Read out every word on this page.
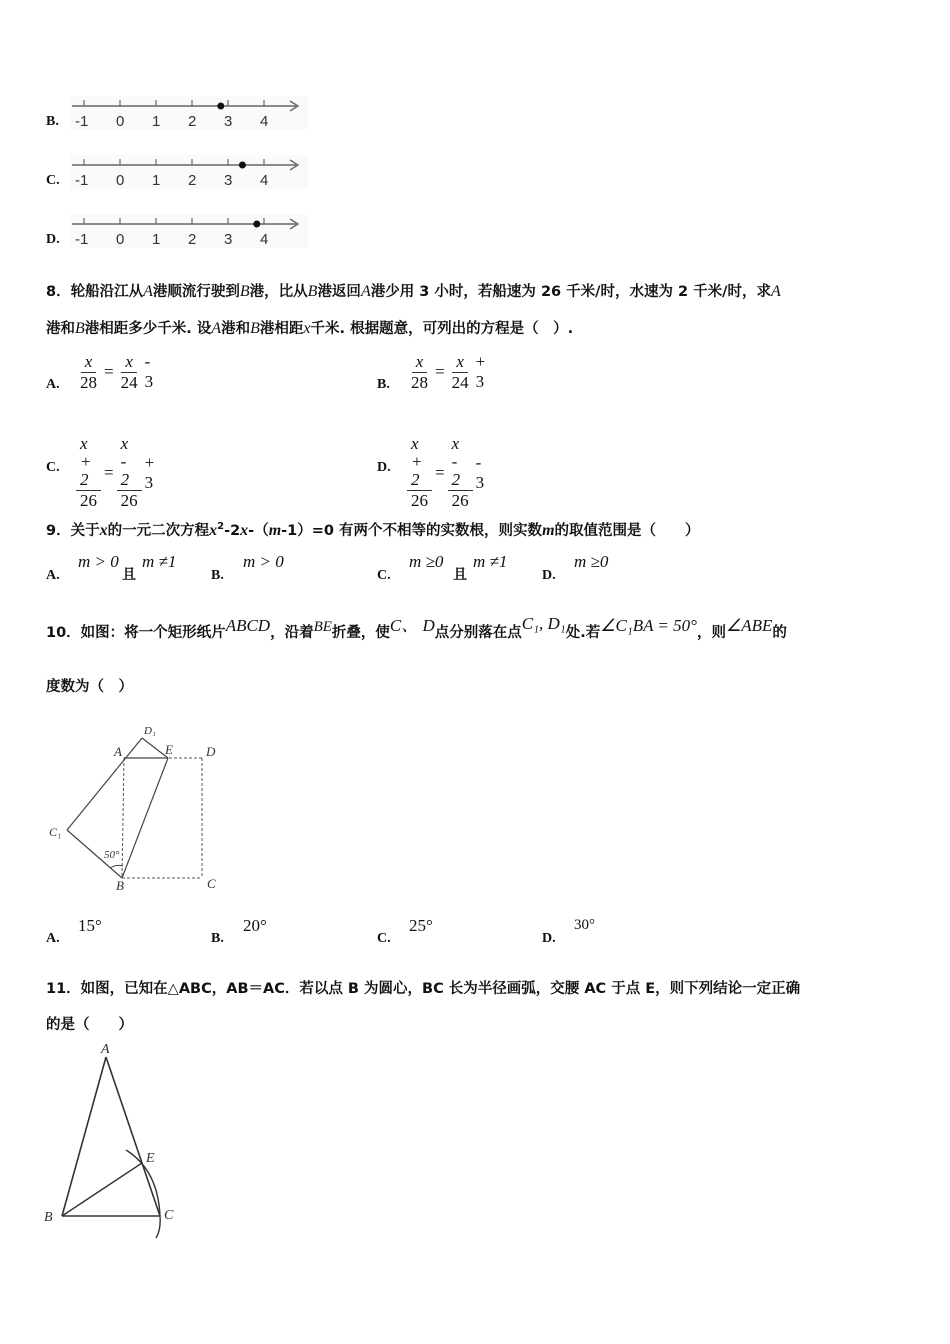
B. -1 0 1 2 3 4
C. -1 0 1 2 3 4
D. -1 0 1 2 3 4
8．轮船沿江从A港顺流行驶到B港，比从B港返回A港少用 3 小时，若船速为 26 千米/时，水速为 2 千米/时，求A
港和B港相距多少千米. 设A港和B港相距x千米. 根据题意，可列出的方程是（　）.
A. $\frac{x}{28} = \frac{x}{24} - 3$	B. $\frac{x}{28} = \frac{x}{24} + 3$
C. $\frac{x + 2}{26} = \frac{x - 2}{26} + 3$
D. $\frac{x + 2}{26} = \frac{x - 2}{26} - 3$
9．关于x的一元二次方程$x^2-2x-(m-1)=0$ 有两个不相等的实数根，则实数m的取值范围是（　　）
A.
m > 0
且
m ≠1
B.
m > 0
C.
m ≥0
且
m ≠1
D.
m ≥0
10．如图：将一个矩形纸片ABCD，沿着BE折叠，使C、 D点分别落在点C₁, D₁处.若∠C₁BA = 50°，则∠ABE的
度数为（　）
A
D₁
E	D
C₁
50°
B	C
A.
15°
B.
20°
C.
25°
D.
30°
11．如图，已知在△ABC，AB＝AC．若以点 B 为圆心，BC 长为半径画弧，交腰 AC 于点 E，则下列结论一定正确
的是（　　）
A
E
B	C
